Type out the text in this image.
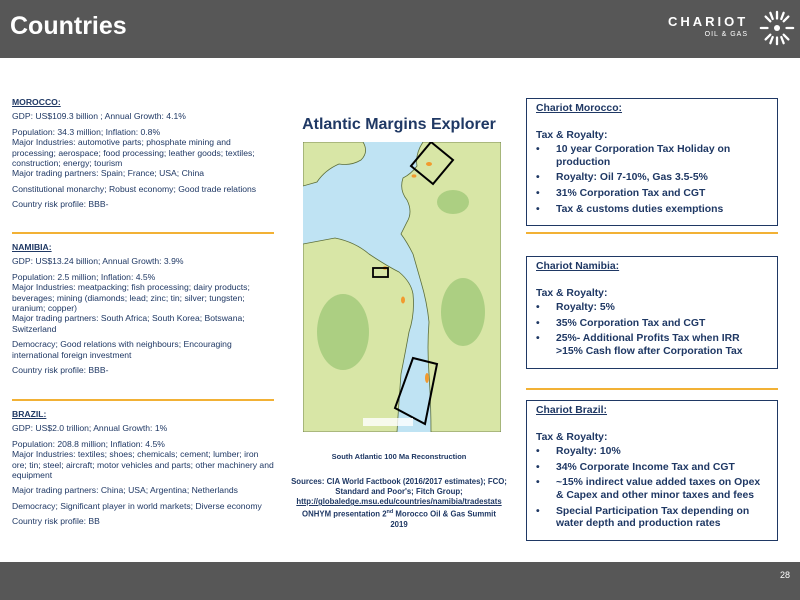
Countries	CHARIOT
OIL & GAS
MOROCCO:
GDP: US$109.3 billion ; Annual Growth: 4.1%
Population: 34.3 million; Inflation: 0.8%
Major Industries: automotive parts; phosphate mining and processing; aerospace; food processing; leather goods; textiles; construction; energy; tourism
Major trading partners: Spain; France; USA; China
Constitutional monarchy; Robust economy; Good trade relations
Country risk profile: BBB-
NAMIBIA:
GDP: US$13.24 billion; Annual Growth: 3.9%
Population: 2.5 million; Inflation: 4.5%
Major Industries: meatpacking; fish processing; dairy products; beverages; mining (diamonds; lead; zinc; tin; silver; tungsten; uranium; copper)
Major trading partners: South Africa; South Korea; Botswana; Switzerland
Democracy; Good relations with neighbours; Encouraging international foreign investment
Country risk profile: BBB-
BRAZIL:
GDP: US$2.0 trillion; Annual Growth: 1%
Population: 208.8 million; Inflation: 4.5%
Major Industries: textiles; shoes; chemicals; cement; lumber; iron ore; tin; steel; aircraft; motor vehicles and parts; other machinery and equipment
Major trading partners: China; USA; Argentina; Netherlands
Democracy; Significant player in world markets; Diverse economy
Country risk profile: BB
Atlantic Margins Explorer
South Atlantic 100 Ma Reconstruction
Sources: CIA World Factbook (2016/2017 estimates); FCO; Standard and Poor's; Fitch Group;
http://globaledge.msu.edu/countries/namibia/tradestats
ONHYM presentation 2nd Morocco Oil & Gas Summit
2019
Chariot Morocco:
Tax & Royalty:
• 10 year Corporation Tax Holiday on production
• Royalty: Oil 7-10%, Gas 3.5-5%
• 31% Corporation Tax and CGT
• Tax & customs duties exemptions
Chariot Namibia:
Tax & Royalty:
• Royalty: 5%
• 35% Corporation Tax and CGT
• 25%- Additional Profits Tax when IRR >15% Cash flow after Corporation Tax
Chariot Brazil:
Tax & Royalty:
• Royalty: 10%
• 34% Corporate Income Tax and CGT
• ~15% indirect value added taxes on Opex & Capex and other minor taxes and fees
• Special Participation Tax depending on water depth and production rates
28
